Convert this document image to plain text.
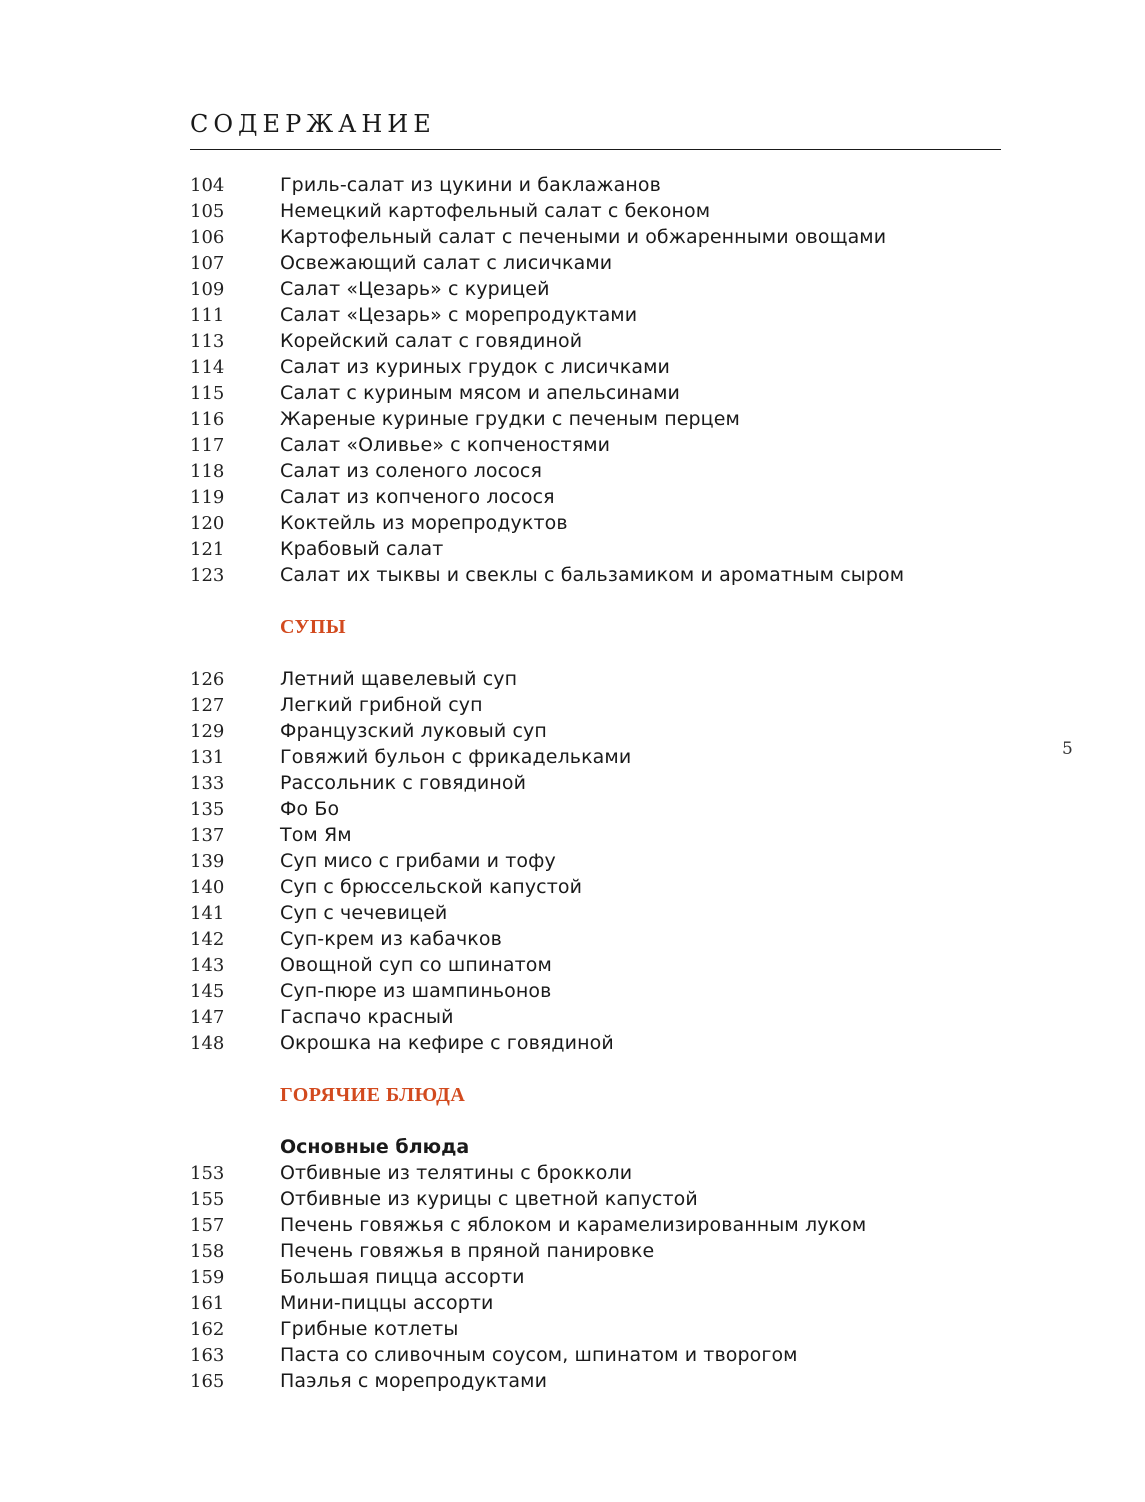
СОДЕРЖАНИЕ
5
104	Гриль-салат из цукини и баклажанов
105	Немецкий картофельный салат с беконом
106	Картофельный салат с печеными и обжаренными овощами
107	Освежающий салат с лисичками
109	Салат «Цезарь» с курицей
111	Салат «Цезарь» с морепродуктами
113	Корейский салат с говядиной
114	Салат из куриных грудок с лисичками
115	Салат с куриным мясом и апельсинами
116	Жареные куриные грудки с печеным перцем
117	Салат «Оливье» с копченостями
118	Салат из соленого лосося
119	Салат из копченого лосося
120	Коктейль из морепродуктов
121	Крабовый салат
123	Салат их тыквы и свеклы с бальзамиком и ароматным сыром
СУПЫ
126	Летний щавелевый суп
127	Легкий грибной суп
129	Французский луковый суп
131	Говяжий бульон с фрикадельками
133	Рассольник с говядиной
135	Фо Бо
137	Том Ям
139	Суп мисо с грибами и тофу
140	Суп с брюссельской капустой
141	Суп с чечевицей
142	Суп-крем из кабачков
143	Овощной суп со шпинатом
145	Суп-пюре из шампиньонов
147	Гаспачо красный
148	Окрошка на кефире с говядиной
ГОРЯЧИЕ БЛЮДА
Основные блюда
153	Отбивные из телятины с брокколи
155	Отбивные из курицы с цветной капустой
157	Печень говяжья с яблоком и карамелизированным луком
158	Печень говяжья в пряной панировке
159	Большая пицца ассорти
161	Мини-пиццы ассорти
162	Грибные котлеты
163	Паста со сливочным соусом, шпинатом и творогом
165	Паэлья с морепродуктами
